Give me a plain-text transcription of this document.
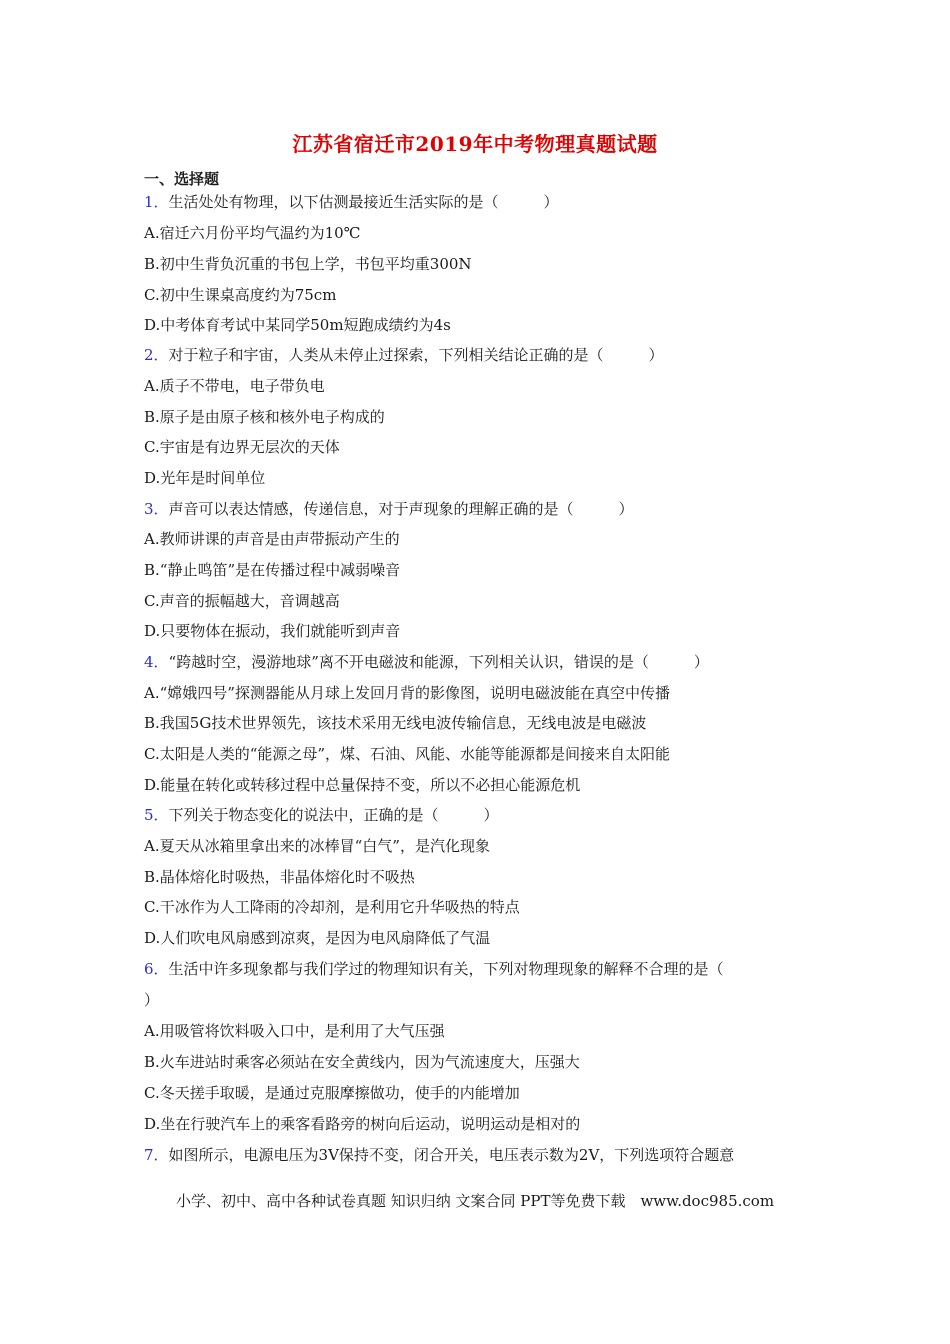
江苏省宿迁市2019年中考物理真题试题
一、选择题
1．生活处处有物理，以下估测最接近生活实际的是（　　　）
A.宿迁六月份平均气温约为10℃
B.初中生背负沉重的书包上学，书包平均重300N
C.初中生课桌高度约为75cm
D.中考体育考试中某同学50m短跑成绩约为4s
2．对于粒子和宇宙，人类从未停止过探索，下列相关结论正确的是（　　　）
A.质子不带电，电子带负电
B.原子是由原子核和核外电子构成的
C.宇宙是有边界无层次的天体
D.光年是时间单位
3．声音可以表达情感，传递信息，对于声现象的理解正确的是（　　　）
A.教师讲课的声音是由声带振动产生的
B.“静止鸣笛”是在传播过程中减弱噪音
C.声音的振幅越大，音调越高
D.只要物体在振动，我们就能听到声音
4．“跨越时空，漫游地球”离不开电磁波和能源，下列相关认识，错误的是（　　　）
A.“嫦娥四号”探测器能从月球上发回月背的影像图，说明电磁波能在真空中传播
B.我国5G技术世界领先，该技术采用无线电波传输信息，无线电波是电磁波
C.太阳是人类的“能源之母”，煤、石油、风能、水能等能源都是间接来自太阳能
D.能量在转化或转移过程中总量保持不变，所以不必担心能源危机
5．下列关于物态变化的说法中，正确的是（　　　）
A.夏天从冰箱里拿出来的冰棒冒“白气”，是汽化现象
B.晶体熔化时吸热，非晶体熔化时不吸热
C.干冰作为人工降雨的冷却剂，是利用它升华吸热的特点
D.人们吹电风扇感到凉爽，是因为电风扇降低了气温
6．生活中许多现象都与我们学过的物理知识有关，下列对物理现象的解释不合理的是（
）
A.用吸管将饮料吸入口中，是利用了大气压强
B.火车进站时乘客必须站在安全黄线内，因为气流速度大，压强大
C.冬天搓手取暖，是通过克服摩擦做功，使手的内能增加
D.坐在行驶汽车上的乘客看路旁的树向后运动，说明运动是相对的
7．如图所示，电源电压为3V保持不变，闭合开关，电压表示数为2V，下列选项符合题意
小学、初中、高中各种试卷真题 知识归纳 文案合同 PPT等免费下载　www.doc985.com
